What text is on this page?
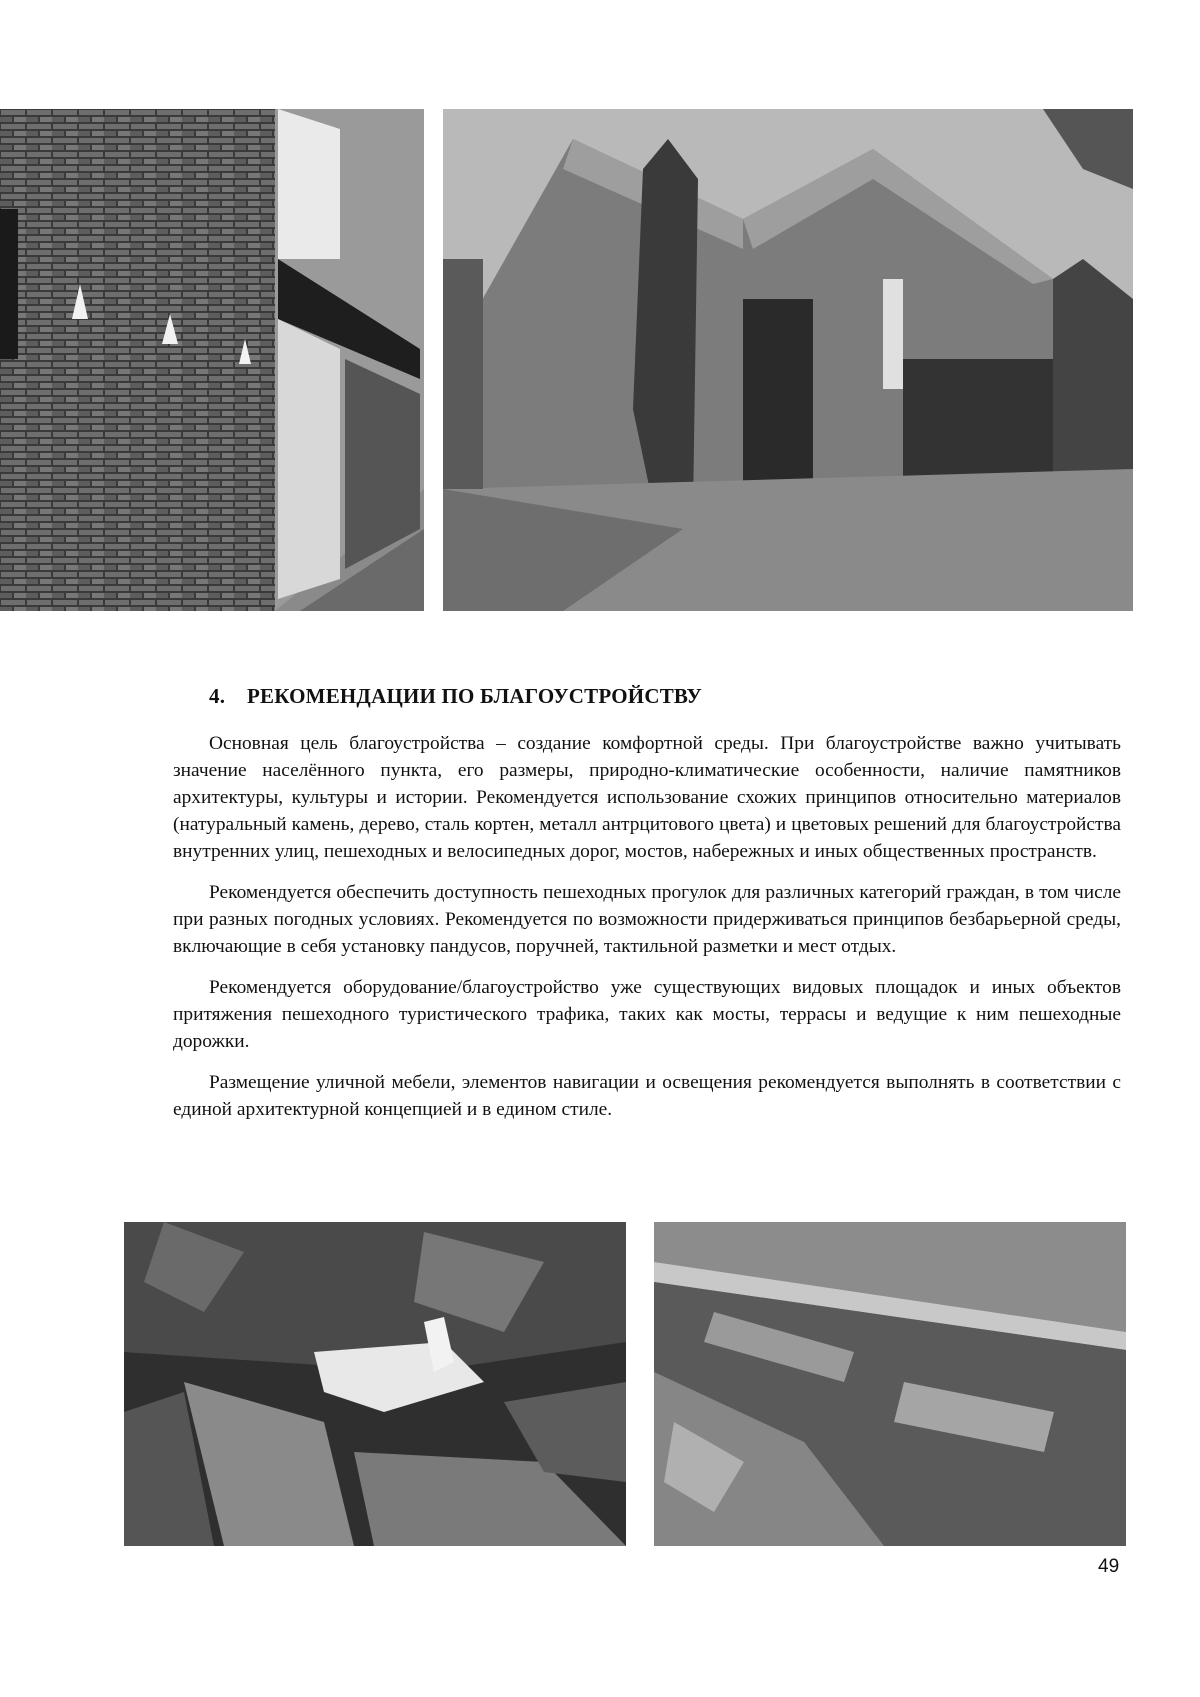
4. РЕКОМЕНДАЦИИ ПО БЛАГОУСТРОЙСТВУ

Основная цель благоустройства – создание комфортной среды. При благоустройстве важно учитывать значение населённого пункта, его размеры, природно-климатические особенности, наличие памятников архитектуры, культуры и истории. Рекомендуется использование схожих принципов относительно материалов (натуральный камень, дерево, сталь кортен, металл антрцитового цвета) и цветовых решений для благоустройства внутренних улиц, пешеходных и велосипедных дорог, мостов, набережных и иных общественных пространств.

Рекомендуется обеспечить доступность пешеходных прогулок для различных категорий граждан, в том числе при разных погодных условиях. Рекомендуется по возможности придерживаться принципов безбарьерной среды, включающие в себя установку пандусов, поручней, тактильной разметки и мест отдых.

Рекомендуется оборудование/благоустройство уже существующих видовых площадок и иных объектов притяжения пешеходного туристического трафика, таких как мосты, террасы и ведущие к ним пешеходные дорожки.

Размещение уличной мебели, элементов навигации и освещения рекомендуется выполнять в соответствии с единой архитектурной концепцией и в едином стиле.

49
